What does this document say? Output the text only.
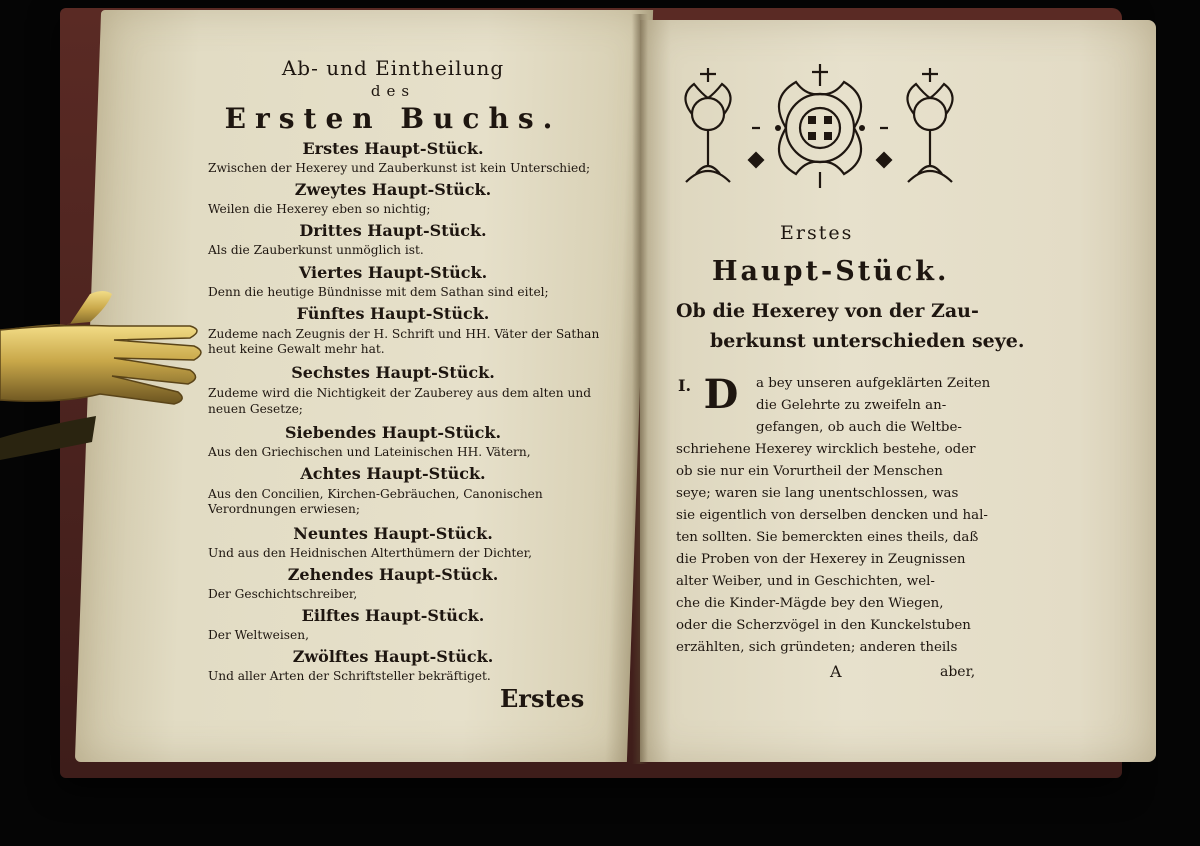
Ab- und Eintheilung
des
Ersten Buchs.
Erstes Haupt-Stück.
Zwischen der Hexerey und Zauberkunst ist kein Unterschied;
Zweytes Haupt-Stück.
Weilen die Hexerey eben so nichtig;
Drittes Haupt-Stück.
Als die Zauberkunst unmöglich ist.
Viertes Haupt-Stück.
Denn die heutige Bündnisse mit dem Sathan sind eitel;
Fünftes Haupt-Stück.
Zudeme nach Zeugnis der H. Schrift und HH. Väter der Sathan heut keine Gewalt mehr hat.
Sechstes Haupt-Stück.
Zudeme wird die Nichtigkeit der Zauberey aus dem alten und neuen Gesetze;
Siebendes Haupt-Stück.
Aus den Griechischen und Lateinischen HH. Vätern,
Achtes Haupt-Stück.
Aus den Concilien, Kirchen-Gebräuchen, Canonischen Verordnungen erwiesen;
Neuntes Haupt-Stück.
Und aus den Heidnischen Alterthümern der Dichter,
Zehendes Haupt-Stück.
Der Geschichtschreiber,
Eilftes Haupt-Stück.
Der Weltweisen,
Zwölftes Haupt-Stück.
Und aller Arten der Schriftsteller bekräftiget.
Erstes
Erstes
Haupt-Stück.
Ob die Hexerey von der Zau-
berkunst unterschieden seye.
I. D a bey unseren aufgeklärten Zeiten
die Gelehrte zu zweifeln an-
gefangen, ob auch die Weltbe-
schriehene Hexerey wircklich bestehe, oder
ob sie nur ein Vorurtheil der Menschen
seye; waren sie lang unentschlossen, was
sie eigentlich von derselben dencken und hal-
ten sollten. Sie bemerckten eines theils, daß
die Proben von der Hexerey in Zeugnissen
alter Weiber, und in Geschichten, wel-
che die Kinder-Mägde bey den Wiegen,
oder die Scherzvögel in den Kunckelstuben
erzählten, sich gründeten; anderen theils
A	aber,
